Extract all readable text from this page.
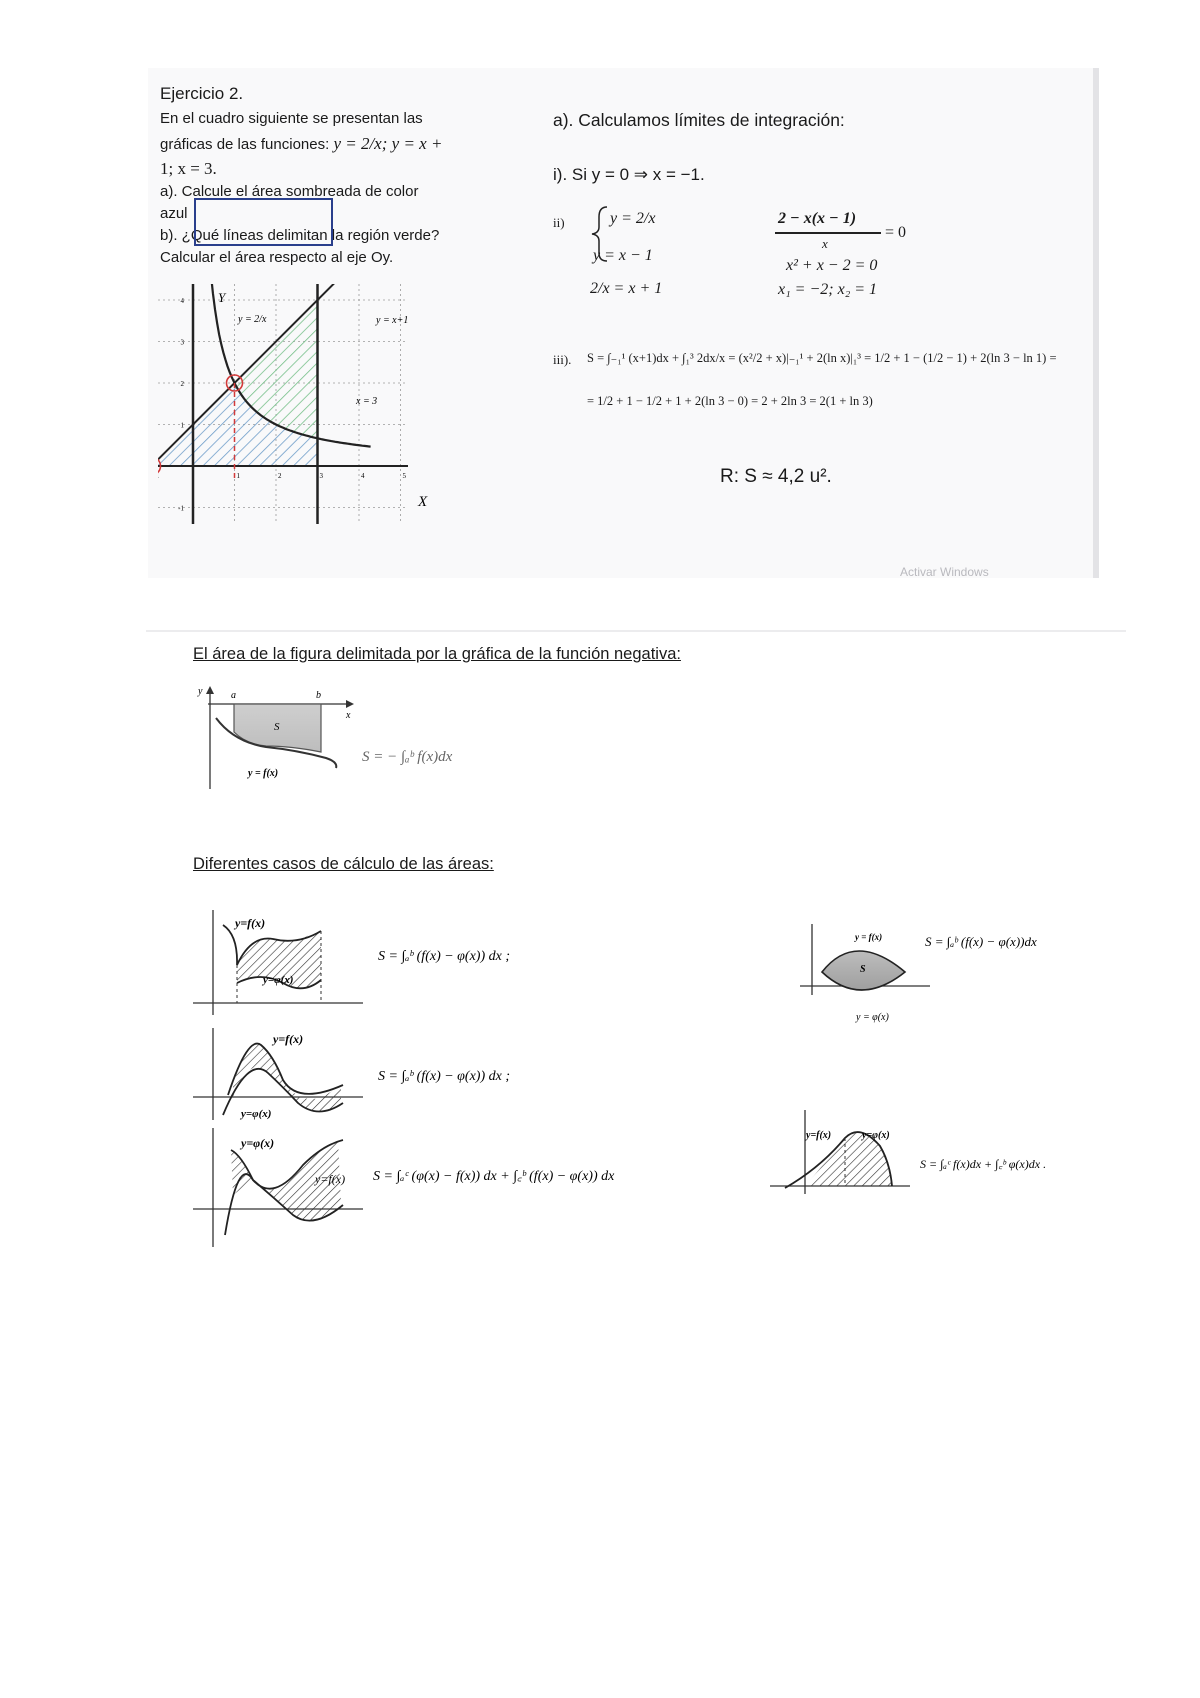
Ejercicio 2.
En el cuadro siguiente se presentan las
gráficas de las funciones: y = 2/x; y = x +
1; x = 3.
a). Calcule el área sombreada de color
azul
b). ¿Qué líneas delimitan la región verde?
Calcular el área respecto al eje Oy.
Y
X
y = 2/x	y = x+1
x = 3
4
3
2
1
-1
1	2	3	4	5
a). Calculamos límites de integración:
i). Si y = 0 ⇒ x = −1.
ii)	y = 2/x
y = x − 1
2/x = x + 1
2 − x(x − 1)
= 0
x
x² + x − 2 = 0
x₁ = −2; x₂ = 1
iii). S = ∫₋₁¹ (x+1)dx + ∫₁³ 2dx/x = (x²/2 + x)|₋₁¹ + 2(ln x)|₁³ = 1/2 + 1 − (1/2 − 1) + 2(ln 3 − ln 1) =
= 1/2 + 1 − 1/2 + 1 + 2(ln 3 − 0) = 2 + 2ln 3 = 2(1 + ln 3)
R: S ≈ 4,2 u².
Activar Windows
El área de la figura delimitada por la gráfica de la función negativa:
a	b
x
y
S
y = f(x)
S = − ∫ₐᵇ f(x)dx
Diferentes casos de cálculo de las áreas:
y=f(x)
y=φ(x)
S = ∫ₐᵇ (f(x) − φ(x)) dx ;
y=f(x)
y=φ(x)
S = ∫ₐᵇ (f(x) − φ(x)) dx ;
y=φ(x)
y=f(x) S = ∫ₐᶜ (φ(x) − f(x)) dx + ∫꜀ᵇ (f(x) − φ(x)) dx
y = f(x)
S
y = φ(x)
S = ∫ₐᵇ (f(x) − φ(x))dx
y=f(x)	y=φ(x)
S = ∫ₐᶜ f(x)dx + ∫꜀ᵇ φ(x)dx .
